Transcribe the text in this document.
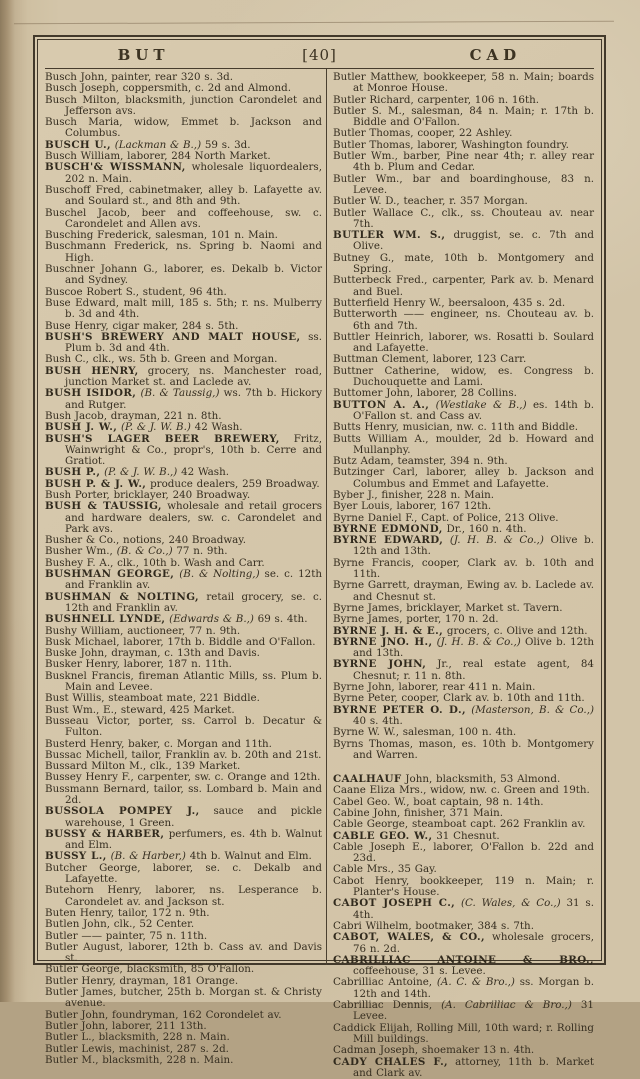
BUT	[40]	CAD

Busch John, painter, rear 320 s. 3d.

Busch Joseph, coppersmith, c. 2d and Almond.

Busch Milton, blacksmith, junction Carondelet and Jefferson avs.

Busch Maria, widow, Emmet b. Jackson and Columbus.

BUSCH U., (Lackman & B.,) 59 s. 3d.

Busch William, laborer, 284 North Market.

BUSCH'& WISSMANN, wholesale liquordealers, 202 n. Main.

Buschoff Fred, cabinetmaker, alley b. Lafayette av. and Soulard st., and 8th and 9th.

Buschel Jacob, beer and coffeehouse, sw. c. Carondelet and Allen avs.

Busching Frederick, salesman, 101 n. Main.

Buschmann Frederick, ns. Spring b. Naomi and High.

Buschner Johann G., laborer, es. Dekalb b. Victor and Sydney.

Buscoe Robert S., student, 96 4th.

Buse Edward, malt mill, 185 s. 5th; r. ns. Mulberry b. 3d and 4th.

Buse Henry, cigar maker, 284 s. 5th.

BUSH'S BREWERY AND MALT HOUSE, ss. Plum b. 3d and 4th.

Bush C., clk., ws. 5th b. Green and Morgan.

BUSH HENRY, grocery, ns. Manchester road, junction Market st. and Laclede av.

BUSH ISIDOR, (B. & Taussig,) ws. 7th b. Hickory and Rutger.

Bush Jacob, drayman, 221 n. 8th.

BUSH J. W., (P. & J. W. B.) 42 Wash.

BUSH'S LAGER BEER BREWERY, Fritz, Wainwright & Co., propr's, 10th b. Cerre and Gratiot.

BUSH P., (P. & J. W. B.,) 42 Wash.

BUSH P. & J. W., produce dealers, 259 Broadway.

Bush Porter, bricklayer, 240 Broadway.

BUSH & TAUSSIG, wholesale and retail grocers and hardware dealers, sw. c. Carondelet and Park avs.

Busher & Co., notions, 240 Broadway.

Busher Wm., (B. & Co.,) 77 n. 9th.

Bushey F. A., clk., 10th b. Wash and Carr.

BUSHMAN GEORGE, (B. & Nolting,) se. c. 12th and Franklin av.

BUSHMAN & NOLTING, retail grocery, se. c. 12th and Franklin av.

BUSHNELL LYNDE, (Edwards & B.,) 69 s. 4th.

Bushy William, auctioneer, 77 n. 9th.

Busk Michael, laborer, 17th b. Biddle and O'Fallon.

Buske John, drayman, c. 13th and Davis.

Busker Henry, laborer, 187 n. 11th.

Busknel Francis, fireman Atlantic Mills, ss. Plum b. Main and Levee.

Bust Willis, steamboat mate, 221 Biddle.

Bust Wm., E., steward, 425 Market.

Busseau Victor, porter, ss. Carrol b. Decatur & Fulton.

Busterd Henry, baker, c. Morgan and 11th.

Bussac Michell, tailor, Franklin av. b. 20th and 21st.

Bussard Milton M., clk., 139 Market.

Bussey Henry F., carpenter, sw. c. Orange and 12th.

Bussmann Bernard, tailor, ss. Lombard b. Main and 2d.

BUSSOLA POMPEY J., sauce and pickle warehouse, 1 Green.

BUSSY & HARBER, perfumers, es. 4th b. Walnut and Elm.

BUSSY L., (B. & Harber,) 4th b. Walnut and Elm.

Butcher George, laborer, se. c. Dekalb and Lafayette.

Butehorn Henry, laborer, ns. Lesperance b. Carondelet av. and Jackson st.

Buten Henry, tailor, 172 n. 9th.

Butlen John, clk., 52 Center.

Butler —— painter, 75 n. 11th.

Butler August, laborer, 12th b. Cass av. and Davis st.

Butler George, blacksmith, 85 O'Fallon.

Butler Henry, drayman, 181 Orange.

Butler James, butcher, 25th b. Morgan st. & Christy avenue.

Butler John, foundryman, 162 Corondelet av.

Butler John, laborer, 211 13th.

Butler L., blacksmith, 228 n. Main.

Butler Lewis, machinist, 287 s. 2d.

Butler M., blacksmith, 228 n. Main.

Butler Matthew, bookkeeper, 58 n. Main; boards at Monroe House.

Butler Richard, carpenter, 106 n. 16th.

Butler S. M., salesman, 84 n. Main; r. 17th b. Biddle and O'Fallon.

Butler Thomas, cooper, 22 Ashley.

Butler Thomas, laborer, Washington foundry.

Butler Wm., barber, Pine near 4th; r. alley rear 4th b. Plum and Cedar.

Butler Wm., bar and boardinghouse, 83 n. Levee.

Butler W. D., teacher, r. 357 Morgan.

Butler Wallace C., clk., ss. Chouteau av. near 7th.

BUTLER WM. S., druggist, se. c. 7th and Olive.

Butney G., mate, 10th b. Montgomery and Spring.

Butterbeck Fred., carpenter, Park av. b. Menard and Buel.

Butterfield Henry W., beersaloon, 435 s. 2d.

Butterworth —— engineer, ns. Chouteau av. b. 6th and 7th.

Buttler Heinrich, laborer, ws. Rosatti b. Soulard and Lafayette.

Buttman Clement, laborer, 123 Carr.

Buttner Catherine, widow, es. Congress b. Duchouquette and Lami.

Buttomer John, laborer, 28 Collins.

BUTTON A. A., (Westlake & B.,) es. 14th b. O'Fallon st. and Cass av.

Butts Henry, musician, nw. c. 11th and Biddle.

Butts William A., moulder, 2d b. Howard and Mullanphy.

Butz Adam, teamster, 394 n. 9th.

Butzinger Carl, laborer, alley b. Jackson and Columbus and Emmet and Lafayette.

Byber J., finisher, 228 n. Main.

Byer Louis, laborer, 167 12th.

Byrne Daniel F., Capt. of Police, 213 Olive.

BYRNE EDMOND, Dr., 160 n. 4th.

BYRNE EDWARD, (J. H. B. & Co.,) Olive b. 12th and 13th.

Byrne Francis, cooper, Clark av. b. 10th and 11th.

Byrne Garrett, drayman, Ewing av. b. Laclede av. and Chesnut st.

Byrne James, bricklayer, Market st. Tavern.

Byrne James, porter, 170 n. 2d.

BYRNE J. H. & E., grocers, c. Olive and 12th.

BYRNE JNO. H., (J. H. B. & Co.,) Olive b. 12th and 13th.

BYRNE JOHN, Jr., real estate agent, 84 Chesnut; r. 11 n. 8th.

Byrne John, laborer, rear 411 n. Main.

Byrne Peter, cooper, Clark av. b. 10th and 11th.

BYRNE PETER O. D., (Masterson, B. & Co.,) 40 s. 4th.

Byrne W. W., salesman, 100 n. 4th.

Byrns Thomas, mason, es. 10th b. Montgomery and Warren.

CAALHAUF John, blacksmith, 53 Almond.

Caane Eliza Mrs., widow, nw. c. Green and 19th.

Cabel Geo. W., boat captain, 98 n. 14th.

Cabine John, finisher, 371 Main.

Cable George, steamboat capt. 262 Franklin av.

CABLE GEO. W., 31 Chesnut.

Cable Joseph E., laborer, O'Fallon b. 22d and 23d.

Cable Mrs., 35 Gay.

Cabot Henry, bookkeeper, 119 n. Main; r. Planter's House.

CABOT JOSEPH C., (C. Wales, & Co.,) 31 s. 4th.

Cabri Wilhelm, bootmaker, 384 s. 7th.

CABOT, WALES, & CO., wholesale grocers, 76 n. 2d.

CABRILLIAC ANTOINE & BRO., coffeehouse, 31 s. Levee.

Cabrilliac Antoine, (A. C. & Bro.,) ss. Morgan b. 12th and 14th.

Cabrilliac Dennis, (A. Cabrilliac & Bro.,) 31 Levee.

Caddick Elijah, Rolling Mill, 10th ward; r. Rolling Mill buildings.

Cadman Joseph, shoemaker 13 n. 4th.

CADY CHALES F., attorney, 11th b. Market and Clark av.
